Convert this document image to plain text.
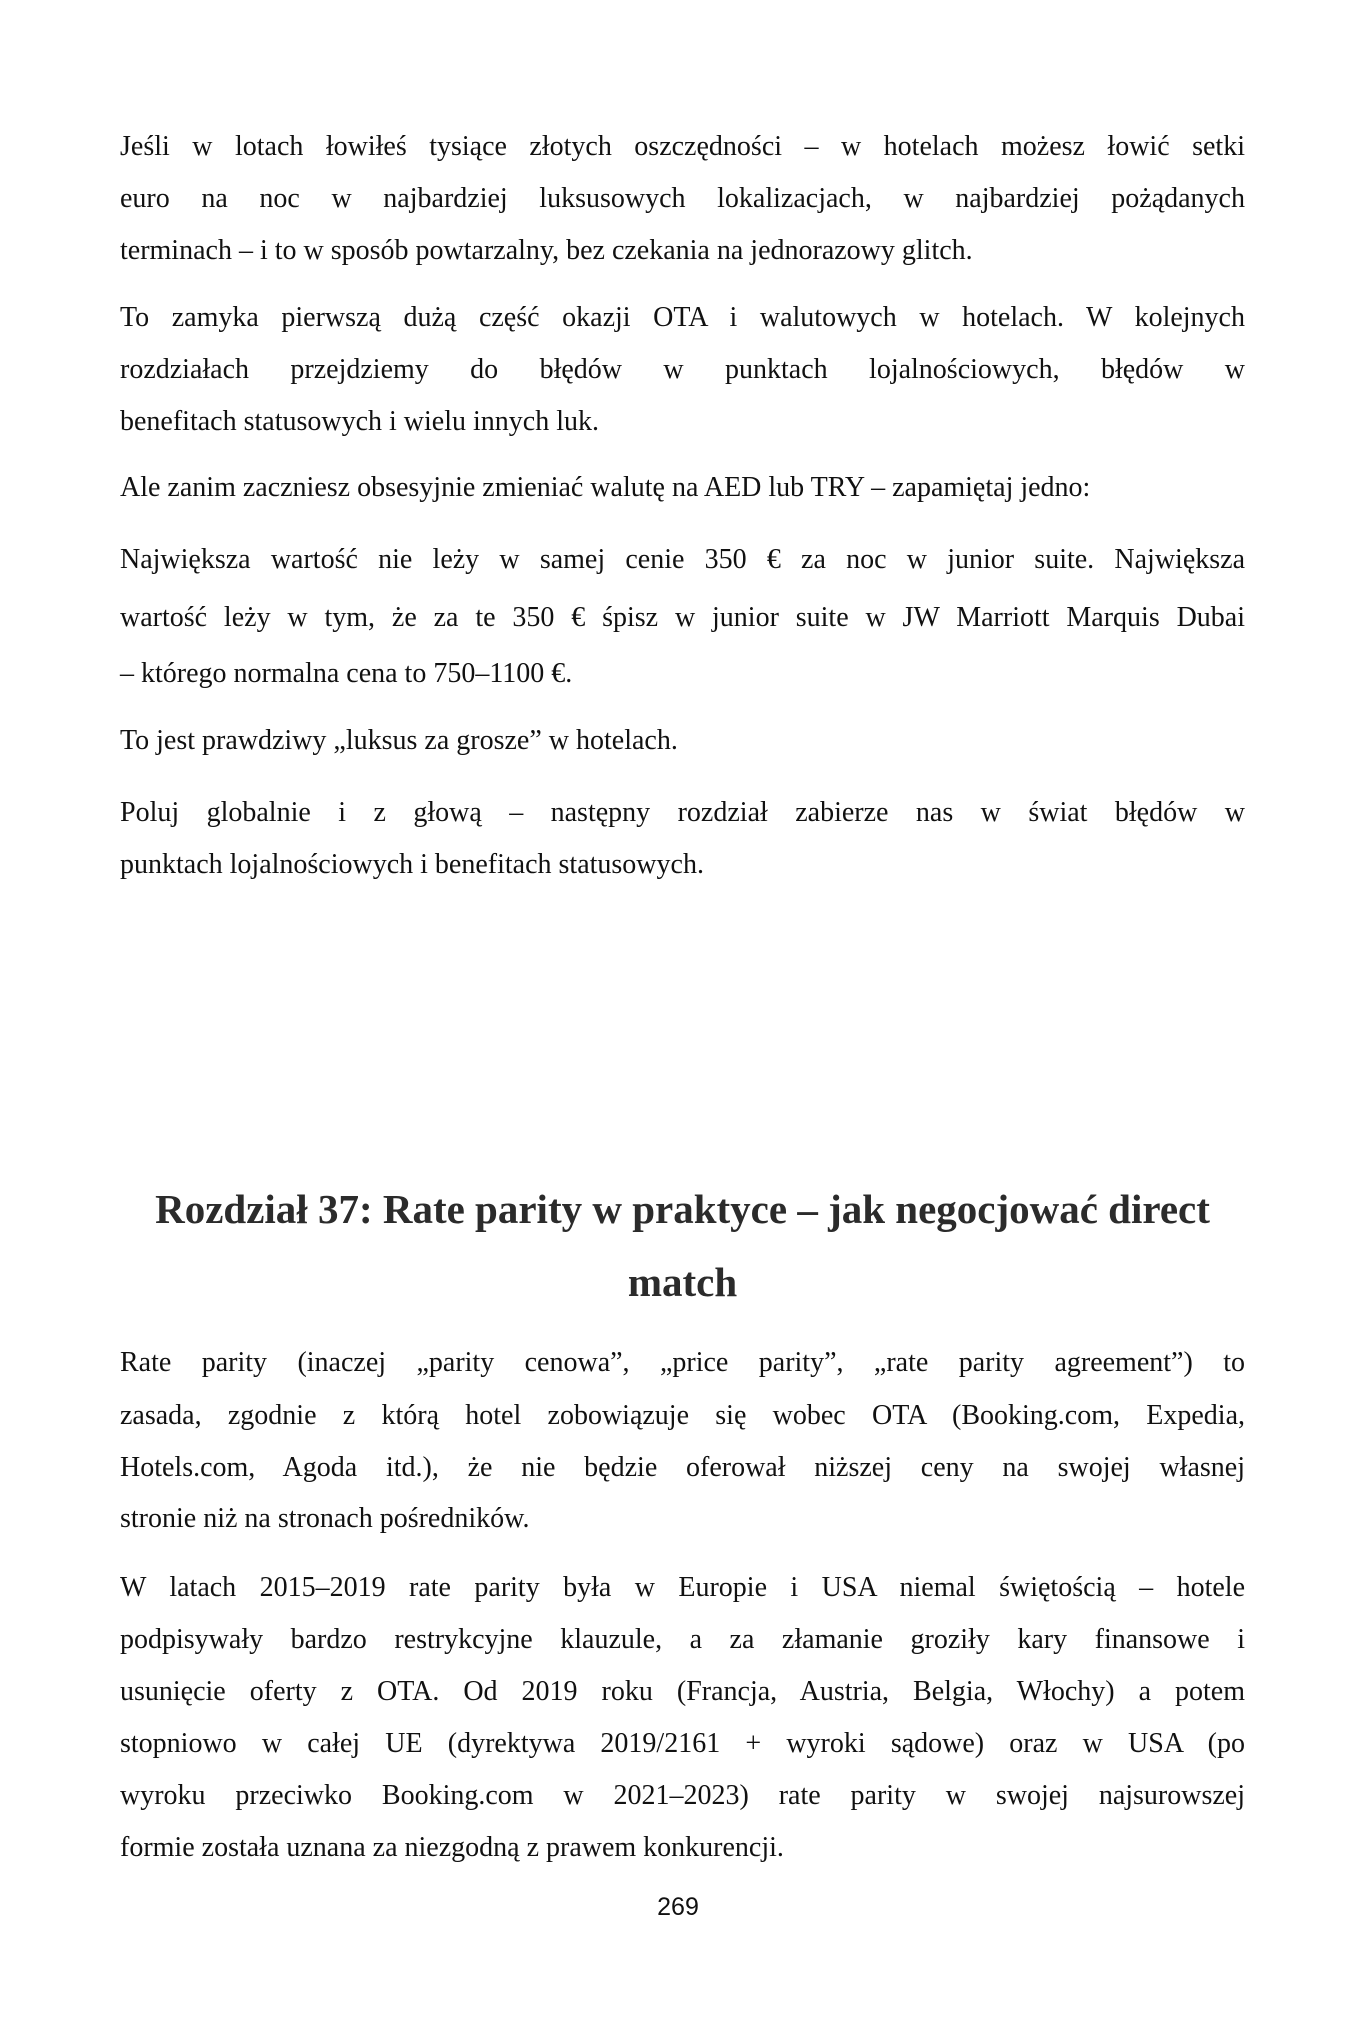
Jeśli w lotach łowiłeś tysiące złotych oszczędności – w hotelach możesz łowić setki
euro na noc w najbardziej luksusowych lokalizacjach, w najbardziej pożądanych
terminach – i to w sposób powtarzalny, bez czekania na jednorazowy glitch.
To zamyka pierwszą dużą część okazji OTA i walutowych w hotelach. W kolejnych
rozdziałach przejdziemy do błędów w punktach lojalnościowych, błędów w
benefitach statusowych i wielu innych luk.
Ale zanim zaczniesz obsesyjnie zmieniać walutę na AED lub TRY – zapamiętaj jedno:
Największa wartość nie leży w samej cenie 350 € za noc w junior suite. Największa
wartość leży w tym, że za te 350 € śpisz w junior suite w JW Marriott Marquis Dubai
– którego normalna cena to 750–1100 €.
To jest prawdziwy „luksus za grosze” w hotelach.
Poluj globalnie i z głową – następny rozdział zabierze nas w świat błędów w
punktach lojalnościowych i benefitach statusowych.
Rozdział 37: Rate parity w praktyce – jak negocjować direct
match
Rate parity (inaczej „parity cenowa”, „price parity”, „rate parity agreement”) to
zasada, zgodnie z którą hotel zobowiązuje się wobec OTA (Booking.com, Expedia,
Hotels.com, Agoda itd.), że nie będzie oferował niższej ceny na swojej własnej
stronie niż na stronach pośredników.
W latach 2015–2019 rate parity była w Europie i USA niemal świętością – hotele
podpisywały bardzo restrykcyjne klauzule, a za złamanie groziły kary finansowe i
usunięcie oferty z OTA. Od 2019 roku (Francja, Austria, Belgia, Włochy) a potem
stopniowo w całej UE (dyrektywa 2019/2161 + wyroki sądowe) oraz w USA (po
wyroku przeciwko Booking.com w 2021–2023) rate parity w swojej najsurowszej
formie została uznana za niezgodną z prawem konkurencji.
269
